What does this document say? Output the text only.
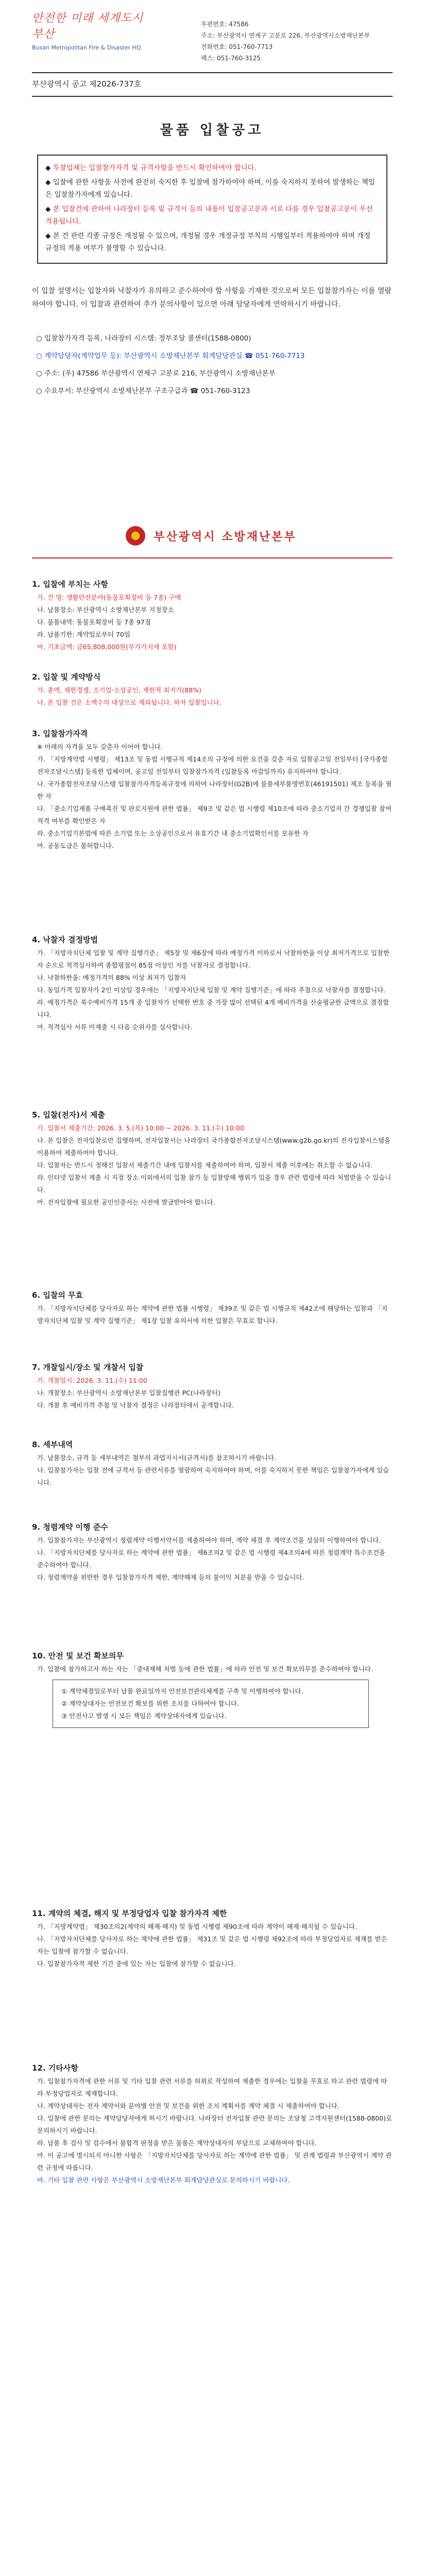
안전한 미래 세계도시 부산
Busan Metropolitan Fire & Disaster HQ
우편번호: 47586
주소: 부산광역시 연제구 고분로 226, 부산광역시소방재난본부
전화번호: 051-760-7713
팩스: 051-760-3125
부산광역시 공고 제2026-737호
물품 입찰공고
◆ 투찰업체는 입찰참가자격 및 규격사항을 반드시 확인하여야 합니다.
◆ 입찰에 관한 사항을 사전에 완전히 숙지한 후 입찰에 참가하여야 하며, 이를 숙지하지 못하여 발생하는 책임은 입찰참가자에게 있습니다.
◆ 본 입찰건에 관하여 나라장터 등록 및 규격서 등의 내용이 입찰공고문과 서로 다를 경우 입찰공고문이 우선 적용됩니다.
◆ 본 건 관련 각종 규정은 개정될 수 있으며, 개정될 경우 개정규정 부칙의 시행일부터 적용하여야 하며 개정 규정의 적용 여부가 불명할 수 있습니다.
이 입찰 설명서는 입찰자와 낙찰자가 유의하고 준수하여야 할 사항을 기재한 것으로써 모든 입찰참가자는 이를 열람하여야 합니다. 이 입찰과 관련하여 추가 문의사항이 있으면 아래 담당자에게 연락하시기 바랍니다.
○ 입찰참가자격 등록, 나라장터 시스템: 정부조달 콜센터(1588-0800)
○ 계약담당자(계약업무 등): 부산광역시 소방재난본부 회계담당관실 ☎ 051-760-7713
○ 주소: (우) 47586 부산광역시 연제구 고분로 216, 부산광역시 소방재난본부
○ 수요부서: 부산광역시 소방재난본부 구조구급과 ☎ 051-760-3123
부산광역시 소방재난본부
1. 입찰에 부치는 사항
가. 건 명: 생활안전분야(동물포획장비 등 7종) 구매
나. 납품장소: 부산광역시 소방재난본부 지정장소
다. 물품내역: 동물포획장비 등 7종 97점
라. 납품기한: 계약일로부터 70일
마. 기초금액: 금65,808,000원(부가가치세 포함)
2. 입찰 및 계약방식
가. 총액, 제한경쟁, 소기업·소상공인, 제한적 최저가(88%)
나. 본 입찰 건은 소액수의 대상으로 제외됩니다. 하자 입찰입니다.
3. 입찰참가자격
※ 아래의 자격을 모두 갖춘자 이어야 합니다.
가. 「지방계약법 시행령」 제13조 및 동법 시행규칙 제14조의 규정에 의한 요건을 갖춘 자로 입찰공고일 전일부터 [국가종합전자조달시스템] 등록한 업체이며, 공고일 전일부터 입찰참가자격 (입찰등록 마감일까지) 유지하여야 합니다.
나. 국가종합전자조달시스템 입찰참가자격등록규정에 의하여 나라장터(G2B)에 물품세부품명번호(46191501) 제조 등록을 필한 자
다. 「중소기업제품 구매촉진 및 판로지원에 관한 법률」 제9조 및 같은 법 시행령 제10조에 따라 중소기업자 간 경쟁입찰 참여 적격 여부를 확인받은 자
라. 중소기업기본법에 따른 소기업 또는 소상공인으로서 유효기간 내 중소기업확인서를 보유한 자
마. 공동도급은 불허합니다.
4. 낙찰자 결정방법
가. 「지방자치단체 입찰 및 계약 집행기준」 제5장 및 제6장에 따라 예정가격 이하로서 낙찰하한율 이상 최저가격으로 입찰한 자 순으로 적격심사하여 종합평점이 85점 이상인 자를 낙찰자로 결정합니다.
나. 낙찰하한율: 예정가격의 88% 이상 최저가 입찰자
다. 동일가격 입찰자가 2인 이상일 경우에는 「지방자치단체 입찰 및 계약 집행기준」에 따라 추첨으로 낙찰자를 결정합니다.
라. 예정가격은 복수예비가격 15개 중 입찰자가 선택한 번호 중 가장 많이 선택된 4개 예비가격을 산술평균한 금액으로 결정합니다.
마. 적격심사 서류 미제출 시 다음 순위자를 심사합니다.
5. 입찰(전자)서 제출
가. 입찰서 제출기간: 2026. 3. 5.(목) 10:00 ~ 2026. 3. 11.(수) 10:00
나. 본 입찰은 전자입찰로만 집행하며, 전자입찰서는 나라장터 국가종합전자조달시스템(www.g2b.go.kr)의 전자입찰시스템을 이용하여 제출하여야 합니다.
다. 입찰자는 반드시 정해진 입찰서 제출기간 내에 입찰서를 제출하여야 하며, 입찰서 제출 이후에는 취소할 수 없습니다.
라. 인터넷 입찰서 제출 시 지정 장소 이외에서의 입찰 참가 등 입찰방해 행위가 있을 경우 관련 법령에 따라 처벌받을 수 있습니다.
마. 전자입찰에 필요한 공인인증서는 사전에 발급받아야 합니다.
6. 입찰의 무효
가. 「지방자치단체를 당사자로 하는 계약에 관한 법률 시행령」 제39조 및 같은 법 시행규칙 제42조에 해당하는 입찰과 「지방자치단체 입찰 및 계약 집행기준」 제1장 입찰 유의서에 의한 입찰은 무효로 합니다.
7. 개찰일시/장소 및 개찰서 입찰
가. 개찰일시: 2026. 3. 11.(수) 11:00
나. 개찰장소: 부산광역시 소방재난본부 입찰집행관 PC(나라장터)
다. 개찰 후 예비가격 추첨 및 낙찰자 결정은 나라장터에서 공개합니다.
8. 세부내역
가. 납품장소, 규격 등 세부내역은 첨부의 과업지시서(규격서)를 참조하시기 바랍니다.
나. 입찰참가자는 입찰 전에 규격서 등 관련서류를 열람하여 숙지하여야 하며, 이를 숙지하지 못한 책임은 입찰참가자에게 있습니다.
9. 청렴계약 이행 준수
가. 입찰참가자는 부산광역시 청렴계약 이행서약서를 제출하여야 하며, 계약 체결 후 계약조건을 성실히 이행하여야 합니다.
나. 「지방자치단체를 당사자로 하는 계약에 관한 법률」 제6조의2 및 같은 법 시행령 제4조의4에 따른 청렴계약 특수조건을 준수하여야 합니다.
다. 청렴계약을 위반한 경우 입찰참가자격 제한, 계약해제 등의 불이익 처분을 받을 수 있습니다.
10. 안전 및 보건 확보의무
가. 입찰에 참가하고자 하는 자는 「중대재해 처벌 등에 관한 법률」에 따라 안전 및 보건 확보의무를 준수하여야 합니다.
① 계약체결일로부터 납품 완료일까지 안전보건관리체계를 구축 및 이행하여야 합니다.
② 계약상대자는 안전보건 확보를 위한 조치를 다하여야 합니다.
③ 안전사고 발생 시 모든 책임은 계약상대자에게 있습니다.
11. 계약의 체결, 해지 및 부정당업자 입찰 참가자격 제한
가. 「지방계약법」 제30조의2(계약의 해제·해지) 및 동법 시행령 제90조에 따라 계약이 해제·해지될 수 있습니다.
나. 「지방자치단체를 당사자로 하는 계약에 관한 법률」 제31조 및 같은 법 시행령 제92조에 따라 부정당업자로 제재를 받은 자는 입찰에 참가할 수 없습니다.
다. 입찰참가자격 제한 기간 중에 있는 자는 입찰에 참가할 수 없습니다.
12. 기타사항
가. 입찰참가자격에 관한 서류 및 기타 입찰 관련 서류를 허위로 작성하여 제출한 경우에는 입찰을 무효로 하고 관련 법령에 따라 부정당업자로 제재합니다.
나. 계약상대자는 전자 계약서와 분야별 안전 및 보건을 위한 조치 계획서를 계약 체결 시 제출하여야 합니다.
다. 입찰에 관한 문의는 계약담당자에게 하시기 바랍니다. 나라장터 전자입찰 관련 문의는 조달청 고객지원센터(1588-0800)로 문의하시기 바랍니다.
라. 납품 후 검사 및 검수에서 불합격 판정을 받은 물품은 계약상대자의 부담으로 교체하여야 합니다.
마. 이 공고에 명시되지 아니한 사항은 「지방자치단체를 당사자로 하는 계약에 관한 법률」 및 관계 법령과 부산광역시 계약 관련 규정에 따릅니다.
바. 기타 입찰 관련 사항은 부산광역시 소방재난본부 회계담당관실로 문의하시기 바랍니다.
